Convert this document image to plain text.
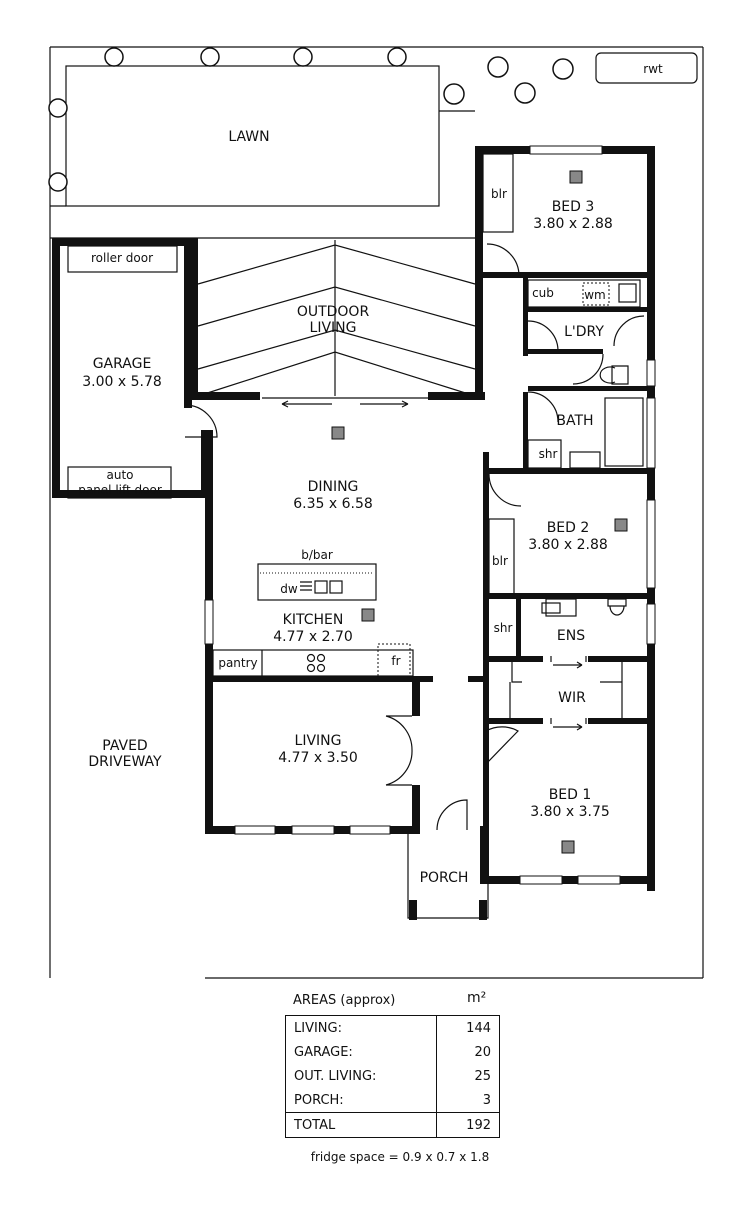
rwt
LAWN
roller door
auto
panel lift door
GARAGE
3.00 x 5.78
OUTDOOR
LIVING
blr
BED 3
3.80 x 2.88
cub	wm
L'DRY
BATH
shr
DINING
6.35 x 6.58
blr
BED 2
3.80 x 2.88
b/bar
dw
KITCHEN
4.77 x 2.70
pantry	fr
shr	ENS
WIR
LIVING
4.77 x 3.50
BED 1
3.80 x 3.75
PORCH
PAVED
DRIVEWAY
AREAS (approx)	m²
LIVING:	144
GARAGE:	20
OUT. LIVING:	25
PORCH:	3
TOTAL	192
fridge space = 0.9 x 0.7 x 1.8
